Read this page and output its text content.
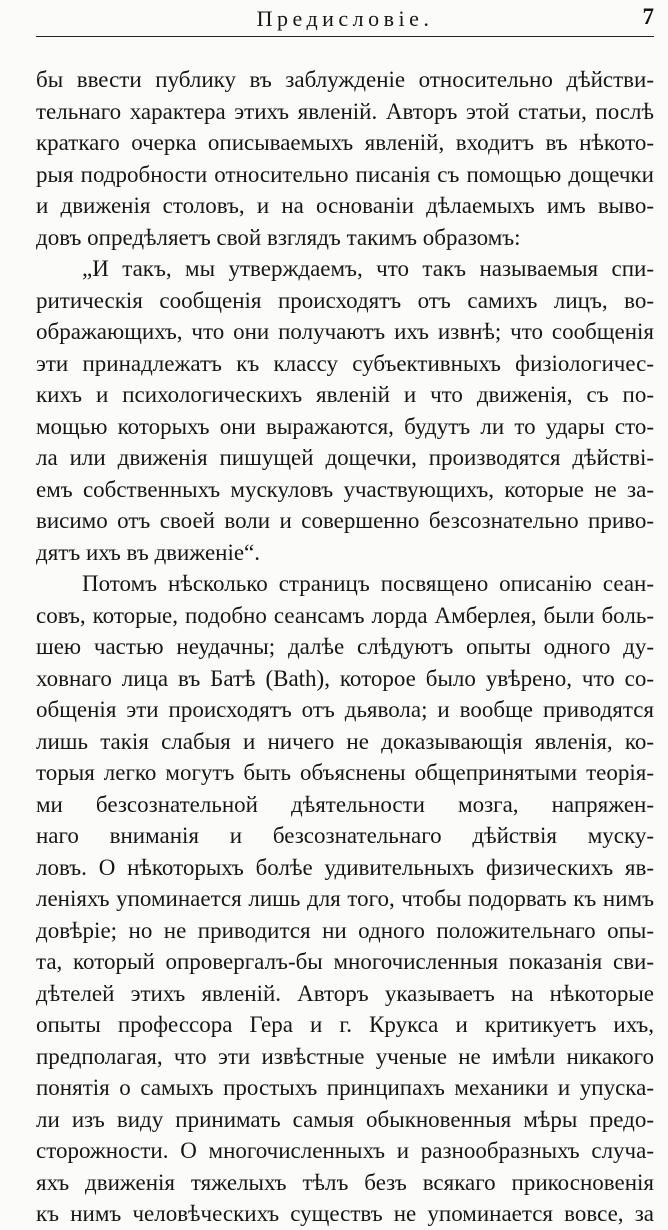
Предисловіе.	7
бы ввести публику въ заблужденіе относительно дѣйстви-
тельнаго характера этихъ явленій. Авторъ этой статьи, послѣ
краткаго очерка описываемыхъ явленій, входитъ въ нѣкото-
рыя подробности относительно писанія съ помощью дощечки
и движенія столовъ, и на основаніи дѣлаемыхъ имъ выво-
довъ опредѣляетъ свой взглядъ такимъ образомъ:
„И такъ, мы утверждаемъ, что такъ называемыя спи-
ритическія сообщенія происходятъ отъ самихъ лицъ, во-
ображающихъ, что они получаютъ ихъ извнѣ; что сообщенія
эти принадлежатъ къ классу субъективныхъ физіологичес-
кихъ и психологическихъ явленій и что движенія, съ по-
мощью которыхъ они выражаются, будутъ ли то удары сто-
ла или движенія пишущей дощечки, производятся дѣйстві-
емъ собственныхъ мускуловъ участвующихъ, которые не за-
висимо отъ своей воли и совершенно безсознательно приво-
дятъ ихъ въ движеніе“.
Потомъ нѣсколько страницъ посвящено описанію сеан-
совъ, которые, подобно сеансамъ лорда Амберлея, были боль-
шею частью неудачны; далѣе слѣдуютъ опыты одного ду-
ховнаго лица въ Батѣ (Bath), которое было увѣрено, что со-
общенія эти происходятъ отъ дьявола; и вообще приводятся
лишь такія слабыя и ничего не доказывающія явленія, ко-
торыя легко могутъ быть объяснены общепринятыми теорія-
ми безсознательной дѣятельности мозга, напряжен-
наго вниманія и безсознательнаго дѣйствія муску-
ловъ. О нѣкоторыхъ болѣе удивительныхъ физическихъ яв-
леніяхъ упоминается лишь для того, чтобы подорвать къ нимъ
довѣріе; но не приводится ни одного положительнаго опы-
та, который опровергалъ-бы многочисленныя показанія сви-
дѣтелей этихъ явленій. Авторъ указываетъ на нѣкоторые
опыты профессора Гера и г. Крукса и критикуетъ ихъ,
предполагая, что эти извѣстные ученые не имѣли никакого
понятія о самыхъ простыхъ принципахъ механики и упуска-
ли изъ виду принимать самыя обыкновенныя мѣры предо-
сторожности. О многочисленныхъ и разнообразныхъ случа-
яхъ движенія тяжелыхъ тѣлъ безъ всякаго прикосновенія
къ нимъ человѣческихъ существъ не упоминается вовсе, за
